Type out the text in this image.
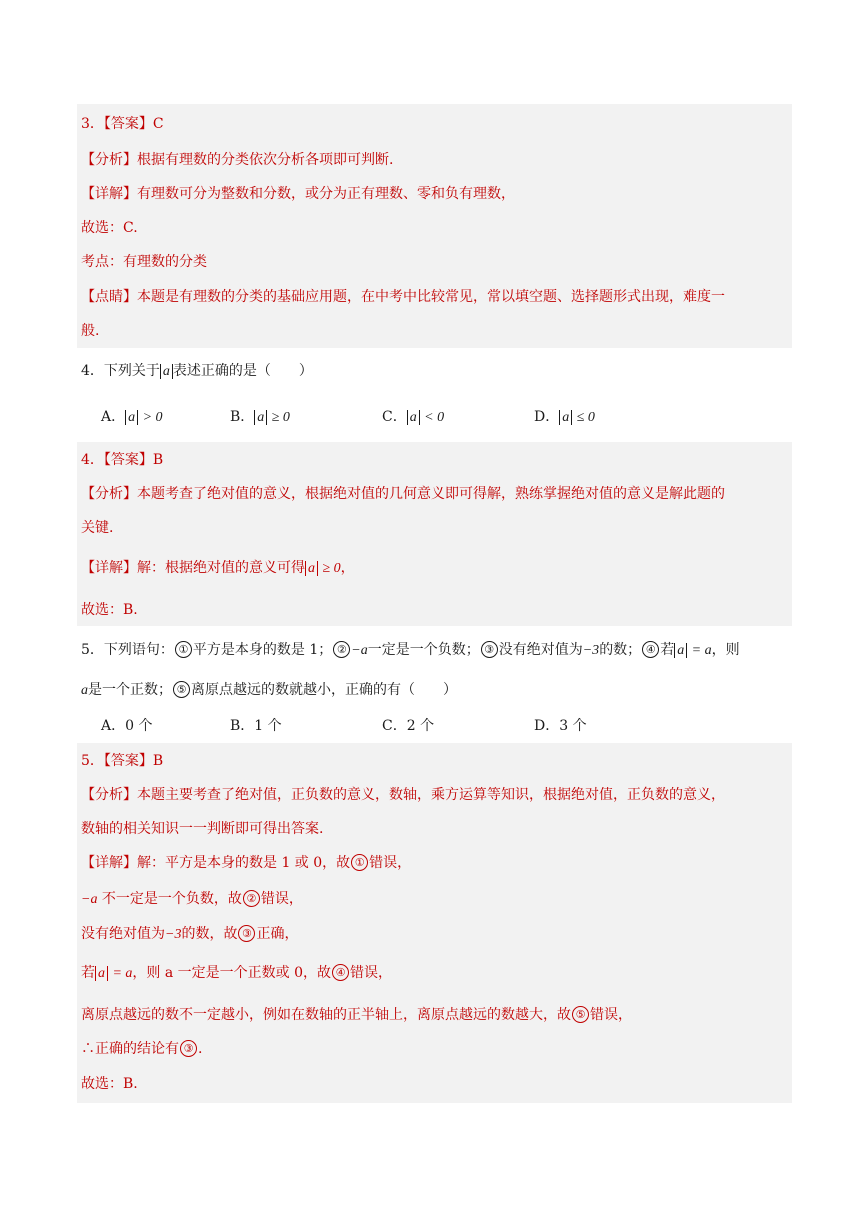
3．【答案】C
【分析】根据有理数的分类依次分析各项即可判断.
【详解】有理数可分为整数和分数，或分为正有理数、零和负有理数，
故选：C.
考点：有理数的分类
【点睛】本题是有理数的分类的基础应用题，在中考中比较常见，常以填空题、选择题形式出现，难度一
般.
4．下列关于 a 表述正确的是（　　）
A． a > 0	B． a ≥ 0	C． a < 0	D． a ≤ 0
4．【答案】B
【分析】本题考查了绝对值的意义，根据绝对值的几何意义即可得解，熟练掌握绝对值的意义是解此题的
关键.
【详解】解：根据绝对值的意义可得 a ≥ 0，
故选：B.
5．下列语句： ① 平方是本身的数是 1； ② −a一定是一个负数； ③ 没有绝对值为−3的数； ④ 若 a = a，则
a是一个正数； ⑤ 离原点越远的数就越小，正确的有（　　）
A．0 个	B．1 个	C．2 个	D．3 个
5．【答案】B
【分析】本题主要考查了绝对值，正负数的意义，数轴，乘方运算等知识，根据绝对值，正负数的意义，
数轴的相关知识一一判断即可得出答案.
【详解】解：平方是本身的数是 1 或 0，故 ① 错误，
−a 不一定是一个负数，故 ② 错误，
没有绝对值为−3的数，故 ③ 正确，
若 a = a，则 a 一定是一个正数或 0，故 ④ 错误，
离原点越远的数不一定越小，例如在数轴的正半轴上，离原点越远的数越大，故 ⑤ 错误，
∴正确的结论有 ③ .
故选：B.
